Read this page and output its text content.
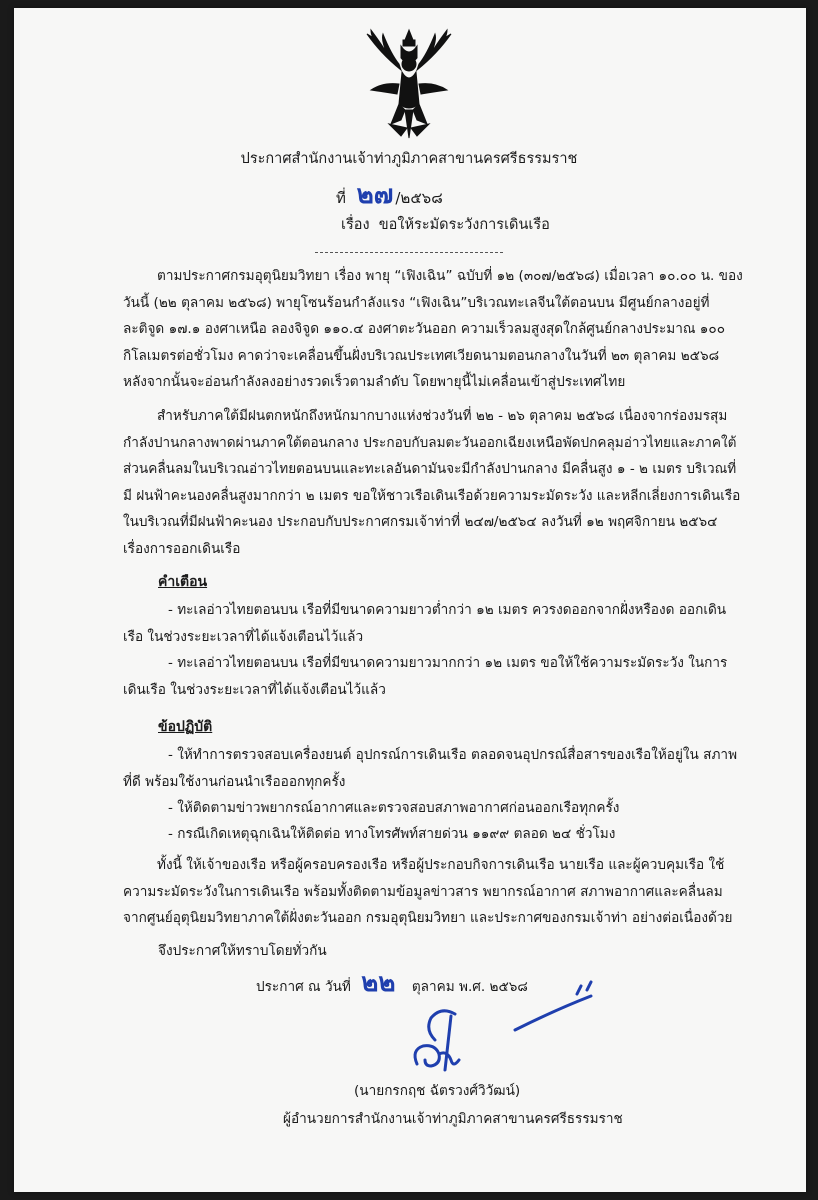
ประกาศสำนักงานเจ้าท่าภูมิภาคสาขานครศรีธรรมราช
ที่ ๒๗ /๒๕๖๘
เรื่อง ขอให้ระมัดระวังการเดินเรือ
ตามประกาศกรมอุตุนิยมวิทยา เรื่อง พายุ “เฟิงเฉิน” ฉบับที่ ๑๒ (๓๐๗/๒๕๖๘) เมื่อเวลา ๑๐.๐๐ น. ของวันนี้ (๒๒ ตุลาคม ๒๕๖๘) พายุโซนร้อนกำลังแรง “เฟิงเฉิน”บริเวณทะเลจีนใต้ตอนบน มีศูนย์กลางอยู่ที่ ละติจูด ๑๗.๑ องศาเหนือ ลองจิจูด ๑๑๐.๔ องศาตะวันออก ความเร็วลมสูงสุดใกล้ศูนย์กลางประมาณ ๑๐๐ กิโลเมตรต่อชั่วโมง คาดว่าจะเคลื่อนขึ้นฝั่งบริเวณประเทศเวียดนามตอนกลางในวันที่ ๒๓ ตุลาคม ๒๕๖๘ หลังจากนั้นจะอ่อนกำลังลงอย่างรวดเร็วตามลำดับ โดยพายุนี้ไม่เคลื่อนเข้าสู่ประเทศไทย
สำหรับภาคใต้มีฝนตกหนักถึงหนักมากบางแห่งช่วงวันที่ ๒๒ - ๒๖ ตุลาคม ๒๕๖๘ เนื่องจากร่องมรสุม กำลังปานกลางพาดผ่านภาคใต้ตอนกลาง ประกอบกับลมตะวันออกเฉียงเหนือพัดปกคลุมอ่าวไทยและภาคใต้ ส่วนคลื่นลมในบริเวณอ่าวไทยตอนบนและทะเลอันดามันจะมีกำลังปานกลาง มีคลื่นสูง ๑ - ๒ เมตร บริเวณที่มี ฝนฟ้าคะนองคลื่นสูงมากกว่า ๒ เมตร ขอให้ชาวเรือเดินเรือด้วยความระมัดระวัง และหลีกเลี่ยงการเดินเรือ ในบริเวณที่มีฝนฟ้าคะนอง ประกอบกับประกาศกรมเจ้าท่าที่ ๒๔๗/๒๕๖๔ ลงวันที่ ๑๒ พฤศจิกายน ๒๕๖๔ เรื่องการออกเดินเรือ
คำเตือน
- ทะเลอ่าวไทยตอนบน เรือที่มีขนาดความยาวต่ำกว่า ๑๒ เมตร ควรงดออกจากฝั่งหรืองด ออกเดินเรือ ในช่วงระยะเวลาที่ได้แจ้งเตือนไว้แล้ว
- ทะเลอ่าวไทยตอนบน เรือที่มีขนาดความยาวมากกว่า ๑๒ เมตร ขอให้ใช้ความระมัดระวัง ในการเดินเรือ ในช่วงระยะเวลาที่ได้แจ้งเตือนไว้แล้ว
ข้อปฏิบัติ
- ให้ทำการตรวจสอบเครื่องยนต์ อุปกรณ์การเดินเรือ ตลอดจนอุปกรณ์สื่อสารของเรือให้อยู่ใน สภาพที่ดี พร้อมใช้งานก่อนนำเรือออกทุกครั้ง
- ให้ติดตามข่าวพยากรณ์อากาศและตรวจสอบสภาพอากาศก่อนออกเรือทุกครั้ง
- กรณีเกิดเหตุฉุกเฉินให้ติดต่อ ทางโทรศัพท์สายด่วน ๑๑๙๙ ตลอด ๒๔ ชั่วโมง
ทั้งนี้ ให้เจ้าของเรือ หรือผู้ครอบครองเรือ หรือผู้ประกอบกิจการเดินเรือ นายเรือ และผู้ควบคุมเรือ ใช้ความระมัดระวังในการเดินเรือ พร้อมทั้งติดตามข้อมูลข่าวสาร พยากรณ์อากาศ สภาพอากาศและคลื่นลม จากศูนย์อุตุนิยมวิทยาภาคใต้ฝั่งตะวันออก กรมอุตุนิยมวิทยา และประกาศของกรมเจ้าท่า อย่างต่อเนื่องด้วย
จึงประกาศให้ทราบโดยทั่วกัน
ประกาศ ณ วันที่ ๒๒ ตุลาคม พ.ศ. ๒๕๖๘
(นายกรกฤช ฉัตรวงศ์วิวัฒน์)
ผู้อำนวยการสำนักงานเจ้าท่าภูมิภาคสาขานครศรีธรรมราช
